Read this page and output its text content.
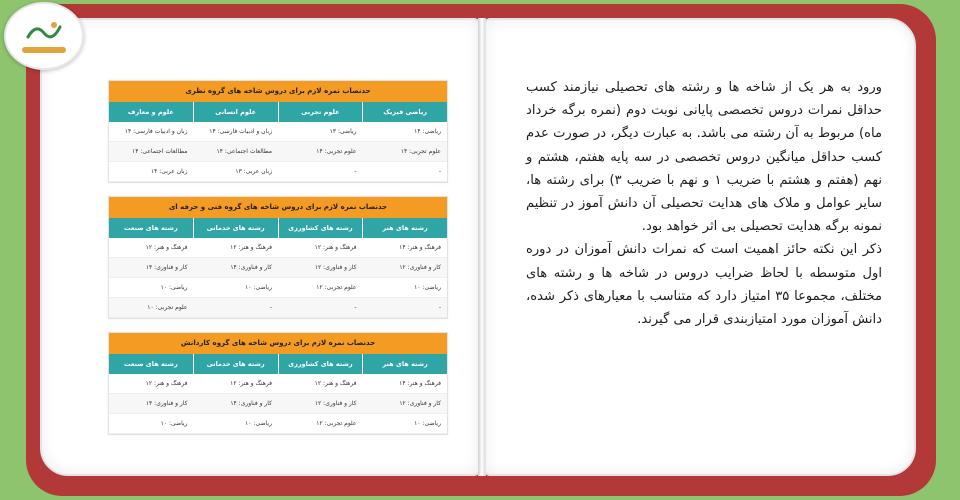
حدنصاب نمره لازم برای دروس شاخه های گروه نظری
ریاضی فیزیک
علوم تجربی
علوم انسانی
علوم و معارف
ریاضی: ۱۴
ریاضی: ۱۳
زبان و ادبیات فارسی: ۱۴
زبان و ادبیات فارسی: ۱۴
علوم تجربی: ۱۴
علوم تجربی: ۱۴
مطالعات اجتماعی: ۱۴
مطالعات اجتماعی: ۱۴
-
-
زبان عربی: ۱۳
زبان عربی: ۱۴
حدنصاب نمره لازم برای دروس شاخه های گروه فنی و حرفه ای
رشته های هنر
رشته های کشاورزی
رشته های خدماتی
رشته های صنعت
فرهنگ و هنر: ۱۴
فرهنگ و هنر: ۱۲
فرهنگ و هنر: ۱۲
فرهنگ و هنر: ۱۲
کار و فناوری: ۱۲
کار و فناوری: ۱۲
کار و فناوری: ۱۴
کار و فناوری: ۱۴
ریاضی: ۱۰
علوم تجربی: ۱۲
ریاضی: ۱۰
ریاضی: ۱۰
-
-
-
علوم تجربی: ۱۰
حدنصاب نمره لازم برای دروس شاخه های گروه کاردانش
رشته های هنر
رشته های کشاورزی
رشته های خدماتی
رشته های صنعت
فرهنگ و هنر: ۱۴
فرهنگ و هنر: ۱۲
فرهنگ و هنر: ۱۲
فرهنگ و هنر: ۱۲
کار و فناوری: ۱۲
کار و فناوری: ۱۲
کار و فناوری: ۱۴
کار و فناوری: ۱۴
ریاضی: ۱۰
علوم تجربی: ۱۲
ریاضی: ۱۰
ریاضی: ۱۰

ورود به هر یک از شاخه ها و رشته های تحصیلی نیازمند کسب حداقل نمرات دروس تخصصی پایانی نوبت دوم (نمره برگه خرداد ماه) مربوط به آن رشته می باشد. به عبارت دیگر، در صورت عدم کسب حداقل میانگین دروس تخصصی در سه پایه هفتم، هشتم و نهم (هفتم و هشتم با ضریب ۱ و نهم با ضریب ۳) برای رشته ها، سایر عوامل و ملاک های هدایت تحصیلی آن دانش آموز در تنظیم نمونه برگه هدایت تحصیلی بی اثر خواهد بود.

ذکر این نکته حائز اهمیت است که نمرات دانش آموزان در دوره اول متوسطه با لحاظ ضرایب دروس در شاخه ها و رشته های مختلف، مجموعا ۳۵ امتیاز دارد که متناسب با معیارهای ذکر شده، دانش آموزان مورد امتیازبندی قرار می گیرند.
